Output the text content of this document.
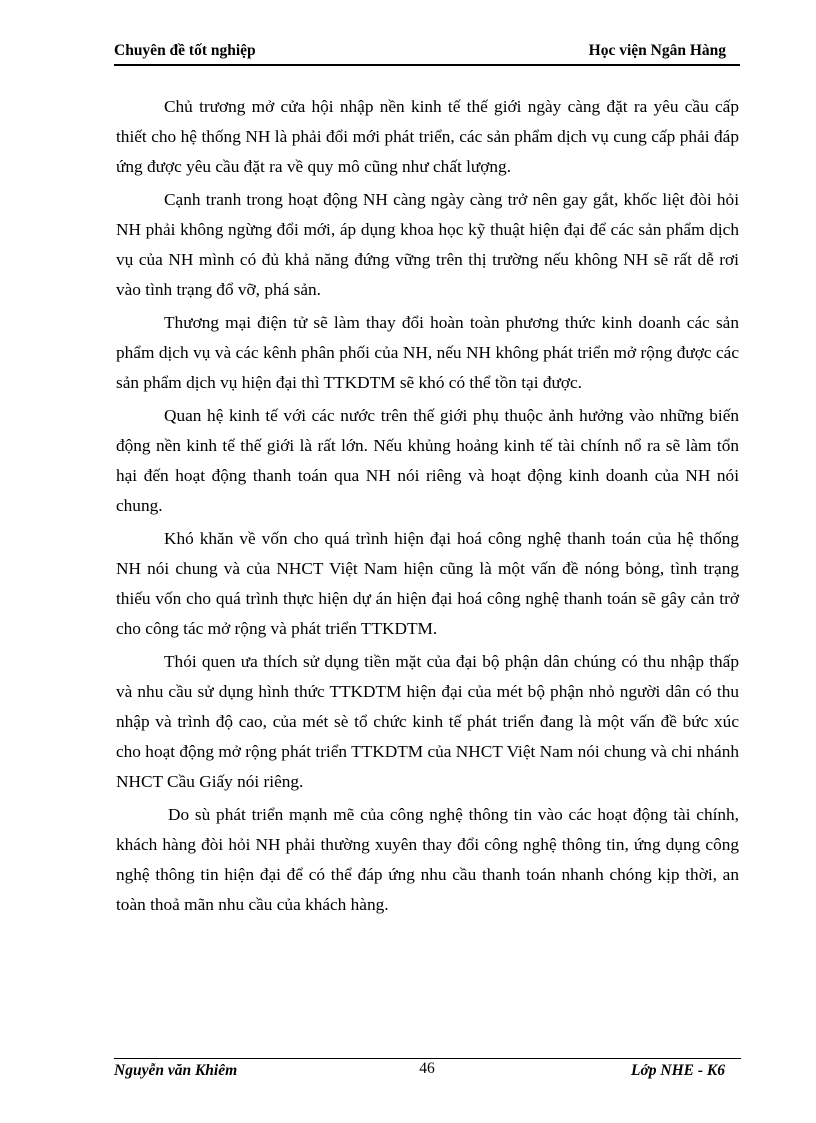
Chuyên đề tốt nghiệp	Học viện Ngân Hàng

Chủ trương mở cửa hội nhập nền kinh tế thế giới ngày càng đặt ra yêu cầu cấp thiết cho hệ thống NH là phải đổi mới phát triển, các sản phẩm dịch vụ cung cấp phải đáp ứng được yêu cầu đặt ra về quy mô cũng như chất lượng.

Cạnh tranh trong hoạt động NH càng ngày càng trở nên gay gắt, khốc liệt đòi hỏi NH phải không ngừng đổi mới, áp dụng khoa học kỹ thuật hiện đại để các sản phẩm dịch vụ của NH mình có đủ khả năng đứng vững trên thị trường nếu không NH sẽ rất dễ rơi vào tình trạng đổ vỡ, phá sản.

Thương mại điện tử sẽ làm thay đổi hoàn toàn phương thức kinh doanh các sản phẩm dịch vụ và các kênh phân phối của NH, nếu NH không phát triển mở rộng được các sản phẩm dịch vụ hiện đại thì TTKDTM sẽ khó có thể tồn tại được.

Quan hệ kinh tế với các nước trên thế giới phụ thuộc ảnh hưởng vào những biến động nền kinh tế thế giới là rất lớn. Nếu khủng hoảng kinh tế tài chính nổ ra sẽ làm tổn hại đến hoạt động thanh toán qua NH nói riêng và hoạt động kinh doanh của NH nói chung.

Khó khăn về vốn cho quá trình hiện đại hoá công nghệ thanh toán của hệ thống NH nói chung và của NHCT Việt Nam hiện cũng là một vấn đề nóng bỏng, tình trạng thiếu vốn cho quá trình thực hiện dự án hiện đại hoá công nghệ thanh toán sẽ gây cản trở cho công tác mở rộng và phát triển TTKDTM.

Thói quen ưa thích sử dụng tiền mặt của đại bộ phận dân chúng có thu nhập thấp và nhu cầu sử dụng hình thức TTKDTM hiện đại của mét bộ phận nhỏ người dân có thu nhập và trình độ cao, của mét sè tổ chức kinh tế phát triển đang là một vấn đề bức xúc cho hoạt động mở rộng phát triển TTKDTM của NHCT Việt Nam nói chung và chi nhánh NHCT Cầu Giấy nói riêng.

Do sù phát triển mạnh mẽ của công nghệ thông tin vào các hoạt động tài chính, khách hàng đòi hỏi NH phải thường xuyên thay đổi công nghệ thông tin, ứng dụng công nghệ thông tin hiện đại để có thể đáp ứng nhu cầu thanh toán nhanh chóng kịp thời, an toàn thoả mãn nhu cầu của khách hàng.

Nguyễn văn Khiêm	46	Lớp NHE - K6
